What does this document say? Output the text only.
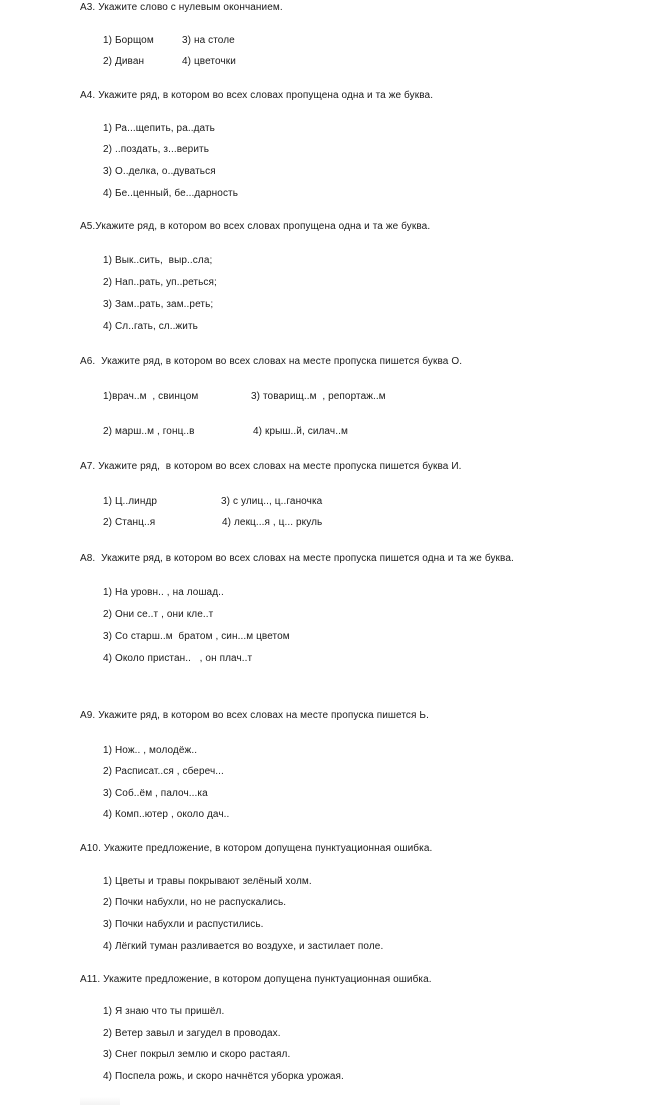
А3. Укажите слово с нулевым окончанием.
1) Борщом	3) на столе
2) Диван	4) цветочки
А4. Укажите ряд, в котором во всех словах пропущена одна и та же буква.
1) Ра...щепить, ра..дать
2) ..поздать, з...верить
3) О..делка, о..дуваться
4) Бе..ценный, бе...дарность
А5.Укажите ряд, в котором во всех словах пропущена одна и та же буква.
1) Вык..сить,  выр..сла;
2) Нап..рать, уп..реться;
3) Зам..рать, зам..реть;
4) Сл..гать, сл..жить
А6.  Укажите ряд, в котором во всех словах на месте пропуска пишется буква О.
1)врач..м  , свинцом	3) товарищ..м  , репортаж..м
2) марш..м , гонц..в	4) крыш..й, силач..м
А7. Укажите ряд,  в котором во всех словах на месте пропуска пишется буква И.
1) Ц..линдр	3) с улиц.., ц..ганочка
2) Станц..я	4) лекц...я , ц... ркуль
А8.  Укажите ряд, в котором во всех словах на месте пропуска пишется одна и та же буква.
1) На уровн.. , на лошад..
2) Они се..т , они кле..т
3) Со старш..м  братом , син...м цветом
4) Около пристан..   , он плач..т
А9. Укажите ряд, в котором во всех словах на месте пропуска пишется Ь.
1) Нож.. , молодёж..
2) Расписат..ся , сбереч...
3) Соб..ём , палоч...ка
4) Комп..ютер , около дач..
А10. Укажите предложение, в котором допущена пунктуационная ошибка.
1) Цветы и травы покрывают зелёный холм.
2) Почки набухли, но не распускались.
3) Почки набухли и распустились.
4) Лёгкий туман разливается во воздухе, и застилает поле.
А11. Укажите предложение, в котором допущена пунктуационная ошибка.
1) Я знаю что ты пришёл.
2) Ветер завыл и загудел в проводах.
3) Снег покрыл землю и скоро растаял.
4) Поспела рожь, и скоро начнётся уборка урожая.
